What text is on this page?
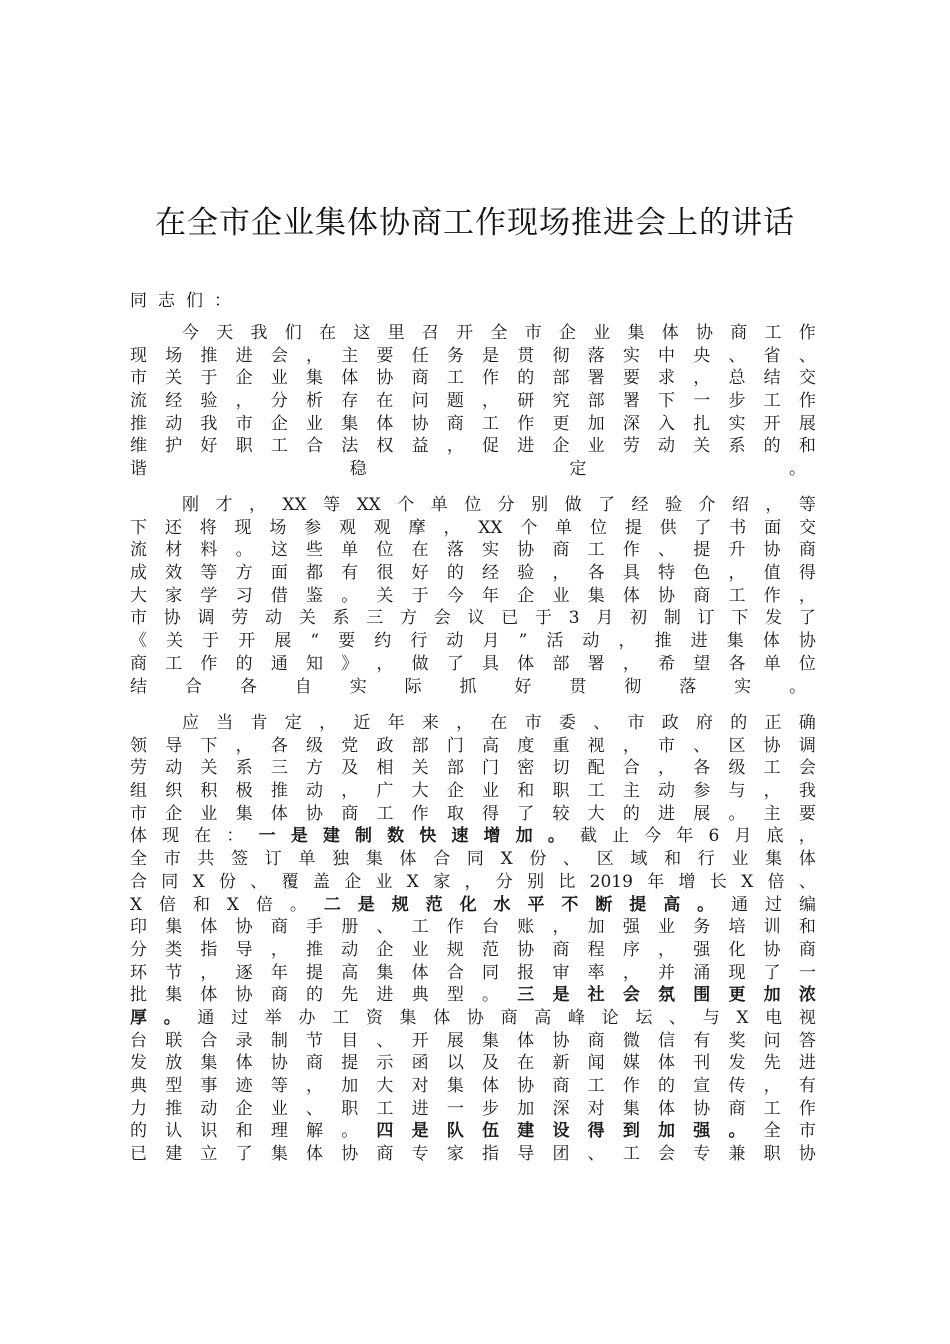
在全市企业集体协商工作现场推进会上的讲话

同志们：

今 天 我 们 在 这 里 召 开 全 市 企 业 集 体 协 商 工 作
现 场 推 进 会 ， 主 要 任 务 是 贯 彻 落 实 中 央 、 省 、
市 关 于 企 业 集 体 协 商 工 作 的 部 署 要 求 ， 总 结 交
流 经 验 ， 分 析 存 在 问 题 ， 研 究 部 署 下 一 步 工 作
推 动 我 市 企 业 集 体 协 商 工 作 更 加 深 入 扎 实 开 展
维 护 好 职 工 合 法 权 益 ， 促 进 企 业 劳 动 关 系 的 和
谐稳定。
刚 才 ， XX 等 XX 个 单 位 分 别 做 了 经 验 介 绍 ， 等
下 还 将 现 场 参 观 观 摩 ， XX 个 单 位 提 供 了 书 面 交
流 材 料 。 这 些 单 位 在 落 实 协 商 工 作 、 提 升 协 商
成 效 等 方 面 都 有 很 好 的 经 验 ， 各 具 特 色 ， 值 得
大 家 学 习 借 鉴 。 关 于 今 年 企 业 集 体 协 商 工 作 ，
市 协 调 劳 动 关 系 三 方 会 议 已 于 3 月 初 制 订 下 发 了
《 关 于 开 展 “ 要 约 行 动 月 ” 活 动 ， 推 进 集 体 协
商 工 作 的 通 知 》 ， 做 了 具 体 部 署 ， 希 望 各 单 位
结合各自实际抓好贯彻落实。
应 当 肯 定 ， 近 年 来 ， 在 市 委 、 市 政 府 的 正 确
领 导 下 ， 各 级 党 政 部 门 高 度 重 视 ， 市 、 区 协 调
劳 动 关 系 三 方 及 相 关 部 门 密 切 配 合 ， 各 级 工 会
组 织 积 极 推 动 ， 广 大 企 业 和 职 工 主 动 参 与 ， 我
市 企 业 集 体 协 商 工 作 取 得 了 较 大 的 进 展 。 主 要
体 现 在 ： 一 是 建 制 数 快 速 增 加 。 截 止 今 年 6 月 底 ，
全 市 共 签 订 单 独 集 体 合 同 X 份 、 区 域 和 行 业 集 体
合 同 X 份 、 覆 盖 企 业 X 家 ， 分 别 比 2019 年 增 长 X 倍 、
X 倍 和 X 倍 。 二 是 规 范 化 水 平 不 断 提 高 。 通 过 编
印 集 体 协 商 手 册 、 工 作 台 账 ， 加 强 业 务 培 训 和
分 类 指 导 ， 推 动 企 业 规 范 协 商 程 序 ， 强 化 协 商
环 节 ， 逐 年 提 高 集 体 合 同 报 审 率 ， 并 涌 现 了 一
批 集 体 协 商 的 先 进 典 型 。 三 是 社 会 氛 围 更 加 浓
厚 。 通 过 举 办 工 资 集 体 协 商 高 峰 论 坛 、 与 X 电 视
台 联 合 录 制 节 目 、 开 展 集 体 协 商 微 信 有 奖 问 答
发 放 集 体 协 商 提 示 函 以 及 在 新 闻 媒 体 刊 发 先 进
典 型 事 迹 等 ， 加 大 对 集 体 协 商 工 作 的 宣 传 ， 有
力 推 动 企 业 、 职 工 进 一 步 加 深 对 集 体 协 商 工 作
的 认 识 和 理 解 。 四 是 队 伍 建 设 得 到 加 强 。 全 市
已 建 立 了 集 体 协 商 专 家 指 导 团 、 工 会 专 兼 职 协
